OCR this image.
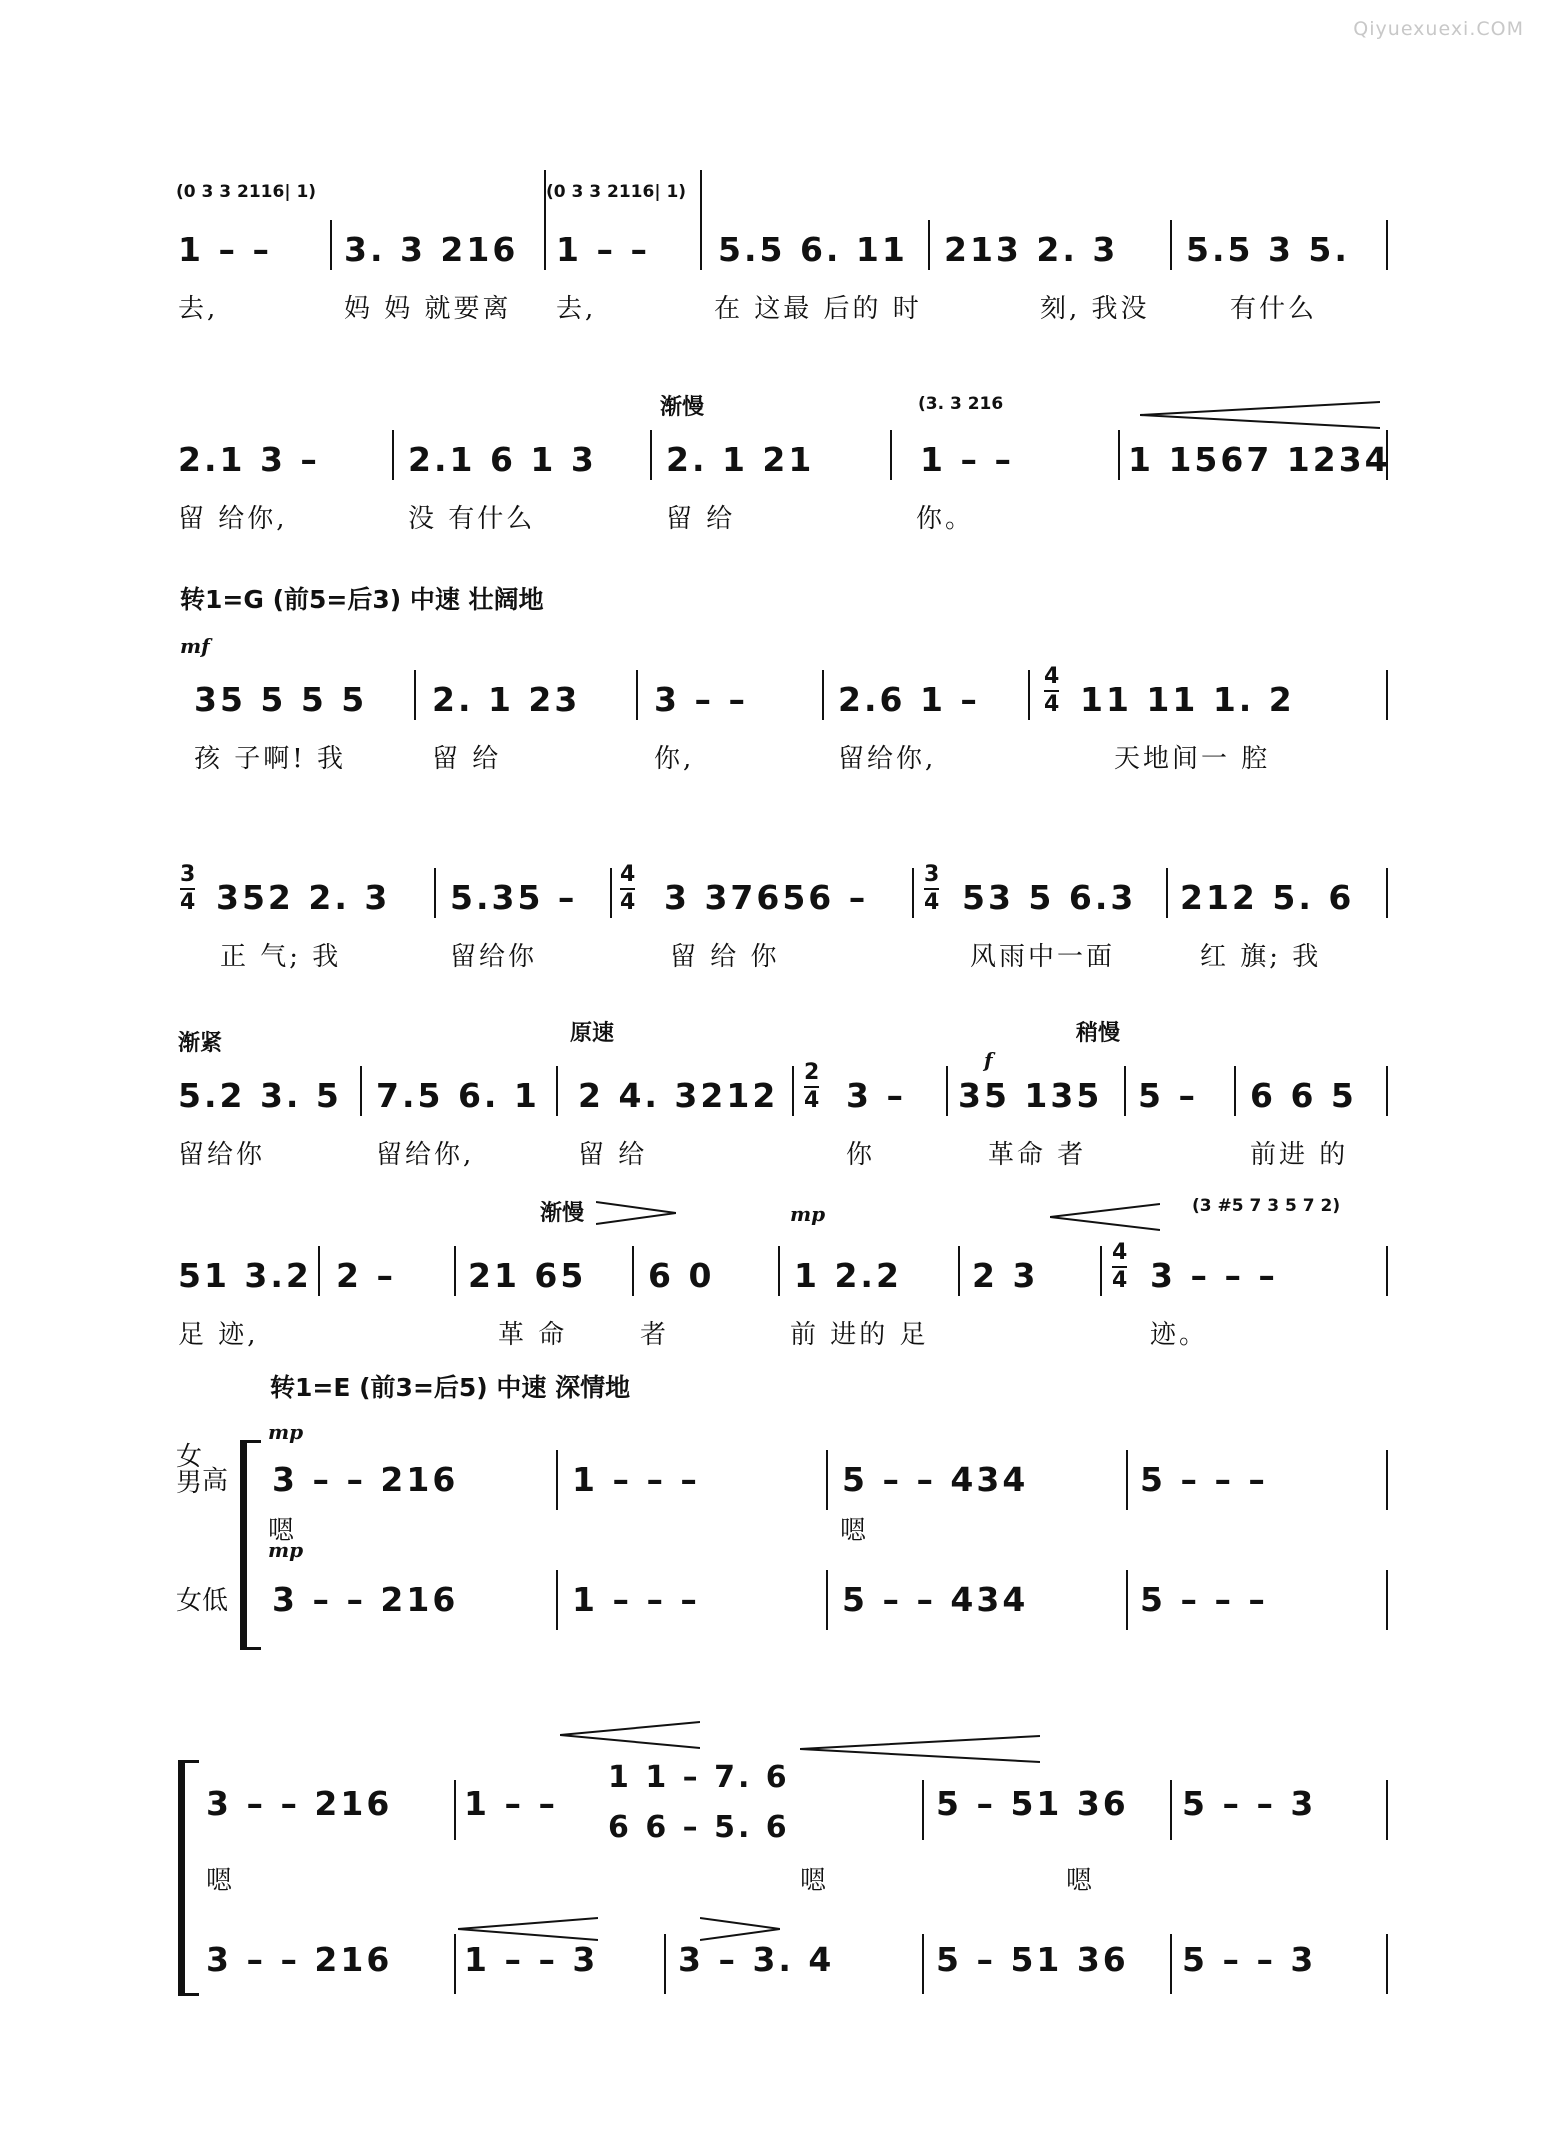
Qiyuexuexi.COM
(0 3 3 2116| 1)	(0 3 3 2116| 1)
1 – – 3. 3 216 1 – – 5.5 6. 11 213 2. 3 5.5 3 5.
去,	妈 妈 就要离 去,	在 这最 后的 时	刻, 我没	有什么
渐慢	(3. 3 216
2.1 3 –	2.1 6 1 3 2. 1 21	1 – –	1 1567 1234
留 给你,	没 有什么	留 给	你。
转1=G (前5=后3) 中速 壮阔地
mf
35 5 5 5 2. 1 23 3 – –	2.6 1 –
4
4 11 11 1. 2
孩 子啊! 我	留 给	你,	留给你,	天地间一 腔
3
4 352 2. 3 5.35 –
4
4 3 37656 –
3
4 53 5 6.3 212 5. 6
正 气; 我	留给你	留 给 你	风雨中一面	红 旗; 我
渐紧	原速	稍慢
f
5.2 3. 5 7.5 6. 1 2 4. 3212
2
4 3 – 35 135 5 – 6 6 5
留给你	留给你,	留 给	你	革命 者	前进 的
渐慢	mp	(3 #5 7 3 5 7 2)
51 3.2 2 – 21 65 6 0 1 2.2 2 3
4
4 3 – – –
足 迹,	革 命	者	前 进的 足	迹。
转1=E (前3=后5) 中速 深情地
女
男 高
女低
mp
mp
3 – – 216	1 – – –	5 – – 434	5 – – –
嗯	嗯
3 – – 216	1 – – –	5 – – 434	5 – – –
3 – – 216 1 – –
1 1 – 7. 6
6 6 – 5. 6
5 – 51 36 5 – – 3
嗯	嗯	嗯
3 – – 216 1 – – 3 3 – 3. 4	5 – 51 36 5 – – 3
